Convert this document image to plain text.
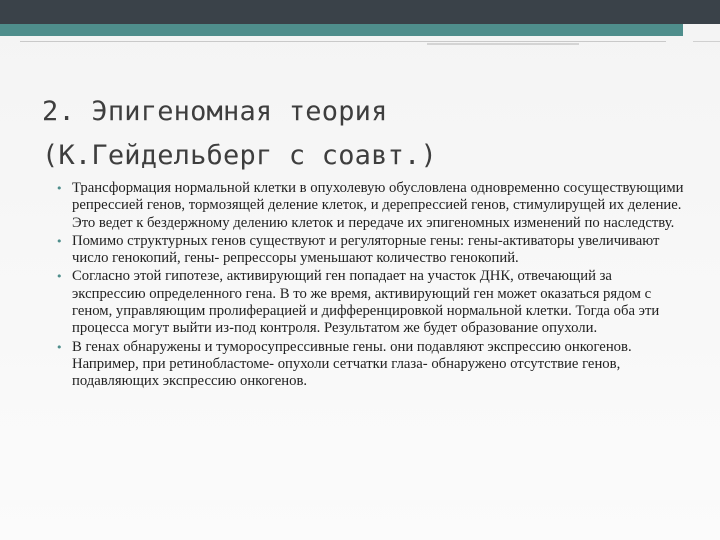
2. Эпигеномная теория
(К.Гейдельберг с соавт.)
• Трансформация нормальной клетки в опухолевую обусловлена одновременно сосуществующими репрессией генов, тормозящей деление клеток, и дерепрессией генов, стимулирущей их деление. Это ведет к бездержному делению клеток и передаче их эпигеномных изменений по наследству.
• Помимо структурных генов существуют и регуляторные гены: гены-активаторы увеличивают число генокопий, гены- репрессоры уменьшают количество генокопий.
• Согласно этой гипотезе, активирующий ген попадает на участок ДНК, отвечающий за экспрессию определенного гена. В то же время, активирующий ген может оказаться рядом с геном, управляющим пролиферацией и дифференцировкой нормальной клетки. Тогда оба эти процесса могут выйти из-под контроля. Результатом же будет образование опухоли.
• В генах обнаружены и туморосупрессивные гены. они подавляют экспрессию онкогенов. Например, при ретинобластоме- опухоли сетчатки глаза- обнаружено отсутствие генов, подавляющих экспрессию онкогенов.
